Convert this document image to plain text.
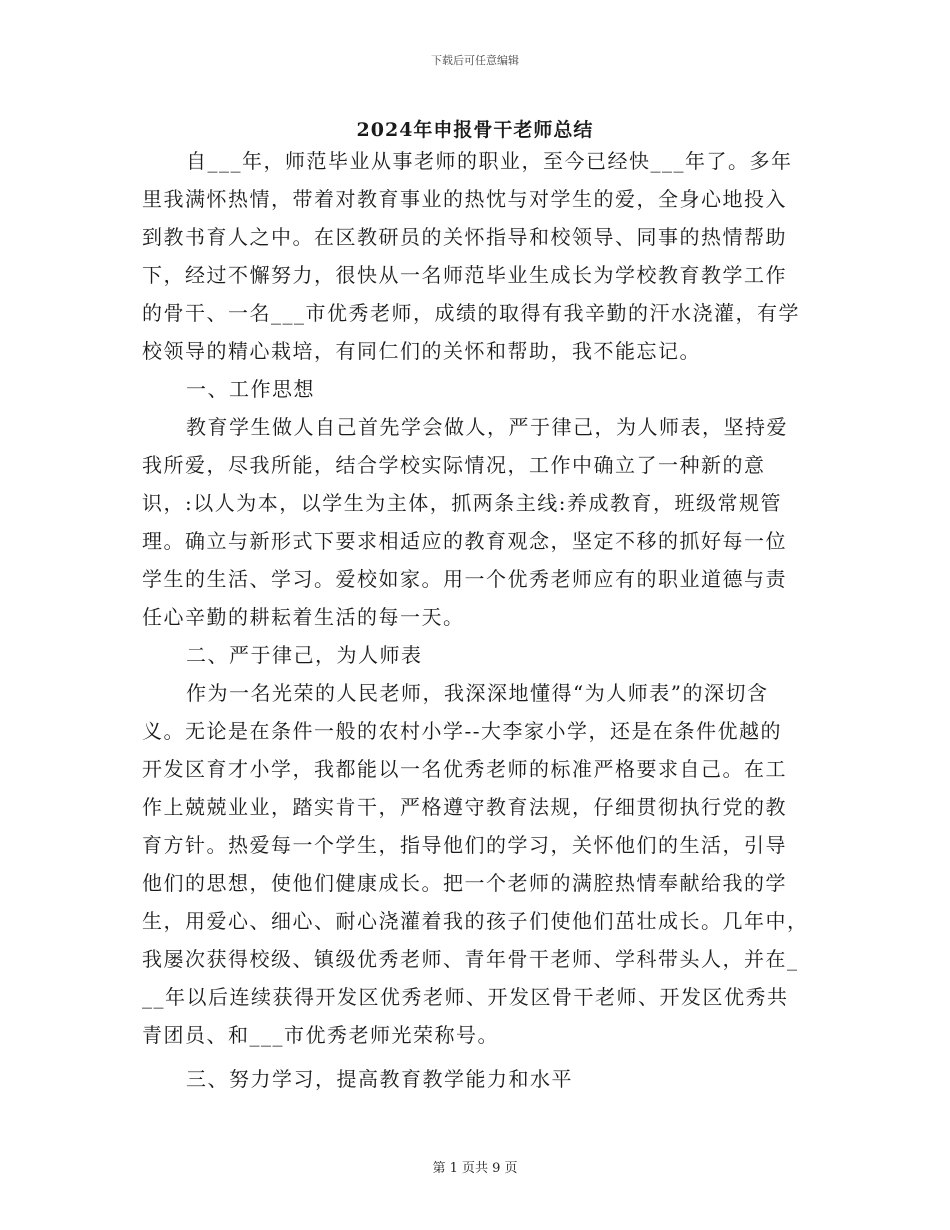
下载后可任意编辑
2024年申报骨干老师总结
自___年，师范毕业从事老师的职业，至今已经快___年了。多年
里我满怀热情，带着对教育事业的热忱与对学生的爱，全身心地投入
到教书育人之中。在区教研员的关怀指导和校领导、同事的热情帮助
下，经过不懈努力，很快从一名师范毕业生成长为学校教育教学工作
的骨干、一名___市优秀老师，成绩的取得有我辛勤的汗水浇灌，有学
校领导的精心栽培，有同仁们的关怀和帮助，我不能忘记。
一、工作思想
教育学生做人自己首先学会做人，严于律己，为人师表，坚持爱
我所爱，尽我所能，结合学校实际情况，工作中确立了一种新的意
识，:以人为本，以学生为主体，抓两条主线:养成教育，班级常规管
理。确立与新形式下要求相适应的教育观念，坚定不移的抓好每一位
学生的生活、学习。爱校如家。用一个优秀老师应有的职业道德与责
任心辛勤的耕耘着生活的每一天。
二、严于律己，为人师表
作为一名光荣的人民老师，我深深地懂得“为人师表”的深切含
义。无论是在条件一般的农村小学--大李家小学，还是在条件优越的
开发区育才小学，我都能以一名优秀老师的标准严格要求自己。在工
作上兢兢业业，踏实肯干，严格遵守教育法规，仔细贯彻执行党的教
育方针。热爱每一个学生，指导他们的学习，关怀他们的生活，引导
他们的思想，使他们健康成长。把一个老师的满腔热情奉献给我的学
生，用爱心、细心、耐心浇灌着我的孩子们使他们茁壮成长。几年中，
我屡次获得校级、镇级优秀老师、青年骨干老师、学科带头人，并在_
__年以后连续获得开发区优秀老师、开发区骨干老师、开发区优秀共
青团员、和___市优秀老师光荣称号。
三、努力学习，提高教育教学能力和水平
第 1 页共 9 页
